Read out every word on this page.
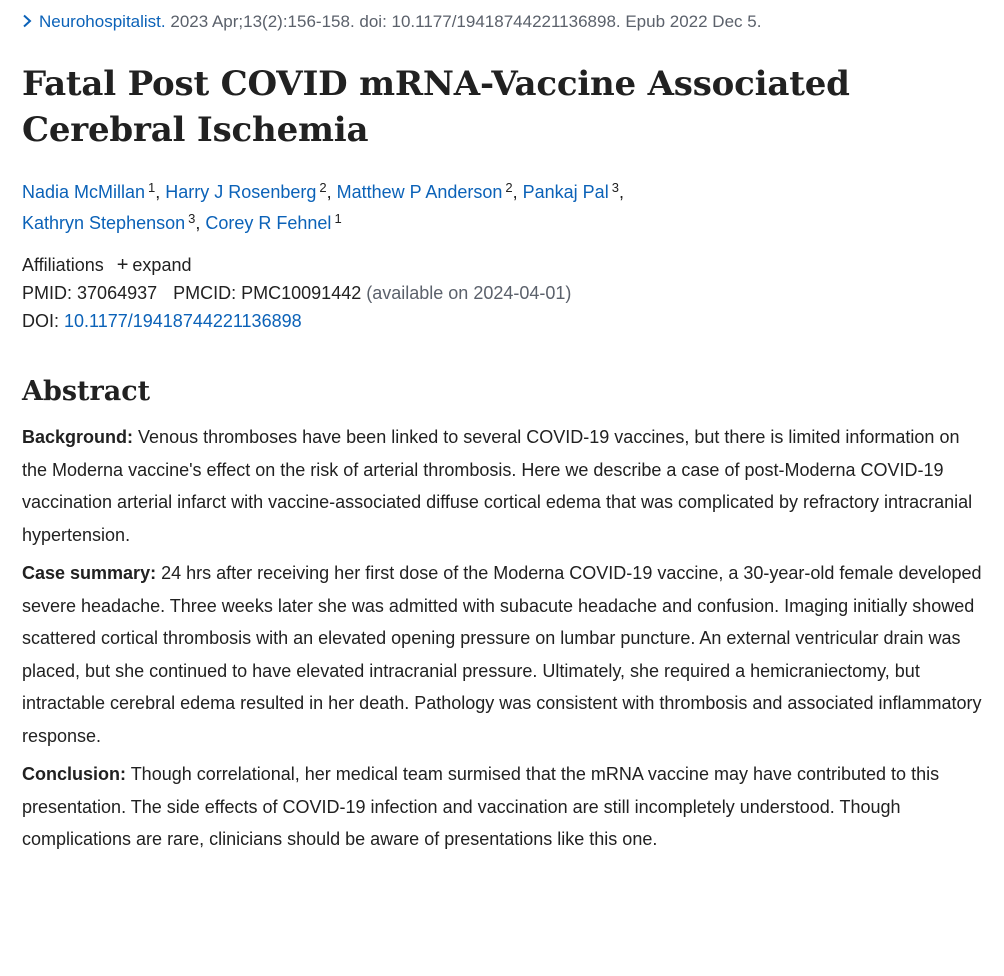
Neurohospitalist. 2023 Apr;13(2):156-158. doi: 10.1177/19418744221136898. Epub 2022 Dec 5.
Fatal Post COVID mRNA-Vaccine Associated Cerebral Ischemia
Nadia McMillan $^1$, Harry J Rosenberg $^2$, Matthew P Anderson $^2$, Pankaj Pal $^3$,
Kathryn Stephenson $^3$, Corey R Fehnel $^1$
Affiliations + expand
PMID: 37064937 PMCID: PMC10091442 (available on 2024-04-01)
DOI: 10.1177/19418744221136898
Abstract

Background: Venous thromboses have been linked to several COVID-19 vaccines, but there is limited information on the Moderna vaccine's effect on the risk of arterial thrombosis. Here we describe a case of post-Moderna COVID-19 vaccination arterial infarct with vaccine-associated diffuse cortical edema that was complicated by refractory intracranial hypertension.

Case summary: 24 hrs after receiving her first dose of the Moderna COVID-19 vaccine, a 30-year-old female developed severe headache. Three weeks later she was admitted with subacute headache and confusion. Imaging initially showed scattered cortical thrombosis with an elevated opening pressure on lumbar puncture. An external ventricular drain was placed, but she continued to have elevated intracranial pressure. Ultimately, she required a hemicraniectomy, but intractable cerebral edema resulted in her death. Pathology was consistent with thrombosis and associated inflammatory response.

Conclusion: Though correlational, her medical team surmised that the mRNA vaccine may have contributed to this presentation. The side effects of COVID-19 infection and vaccination are still incompletely understood. Though complications are rare, clinicians should be aware of presentations like this one.
